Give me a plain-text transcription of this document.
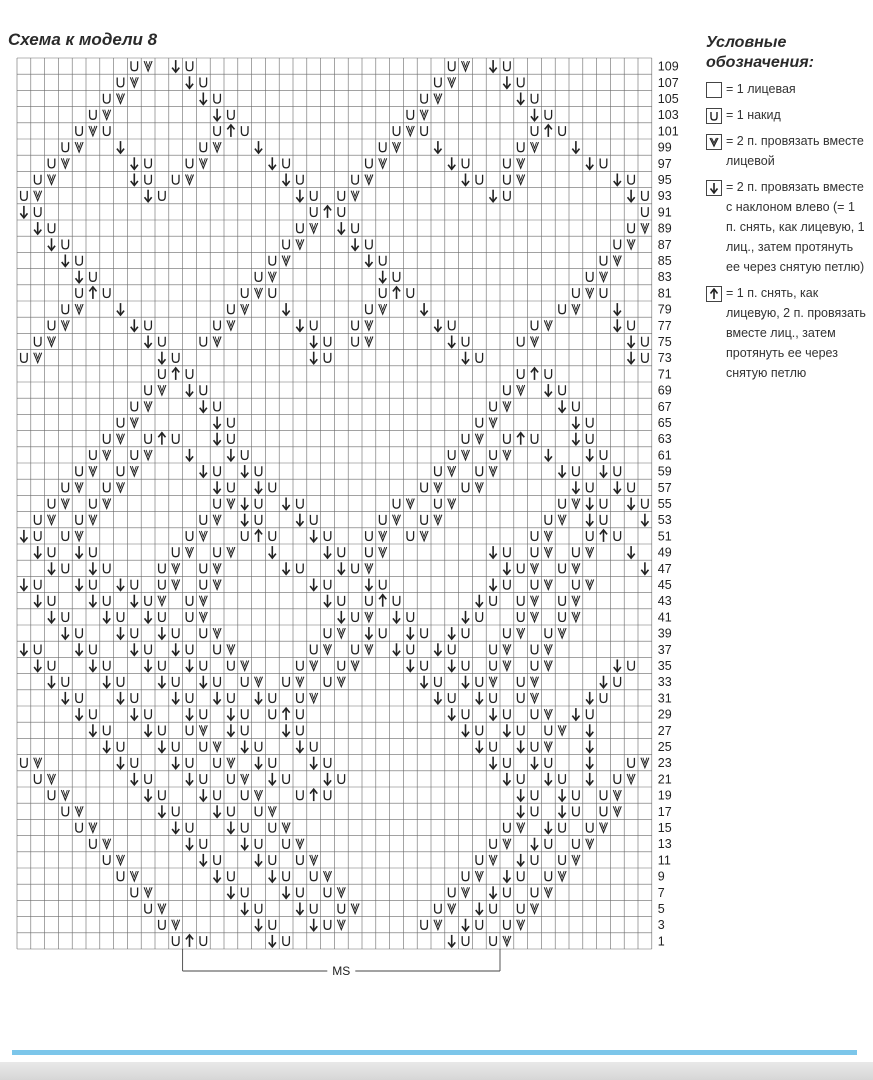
Схема к модели 8
109
107
105
103
101
99
97
95
93
91
89
87
85
83
81
79
77
75
73
71
69
67
65
63
61
59
57
55
53
51
49
47
45
43
41
39
37
35
33
31
29
27
25
23
21
19
17
15
13
11
9
7
5
3
1
MS
Условные
обозначения:
= 1 лицевая
= 1 накид
= 2 п. провязать вместе лицевой
= 2 п. провязать вместе с наклоном влево (= 1 п. снять, как лицевую, 1 лиц., затем протянуть ее через снятую петлю)
= 1 п. снять, как лицевую, 2 п. провязать вместе лиц., затем протянуть ее через снятую петлю
